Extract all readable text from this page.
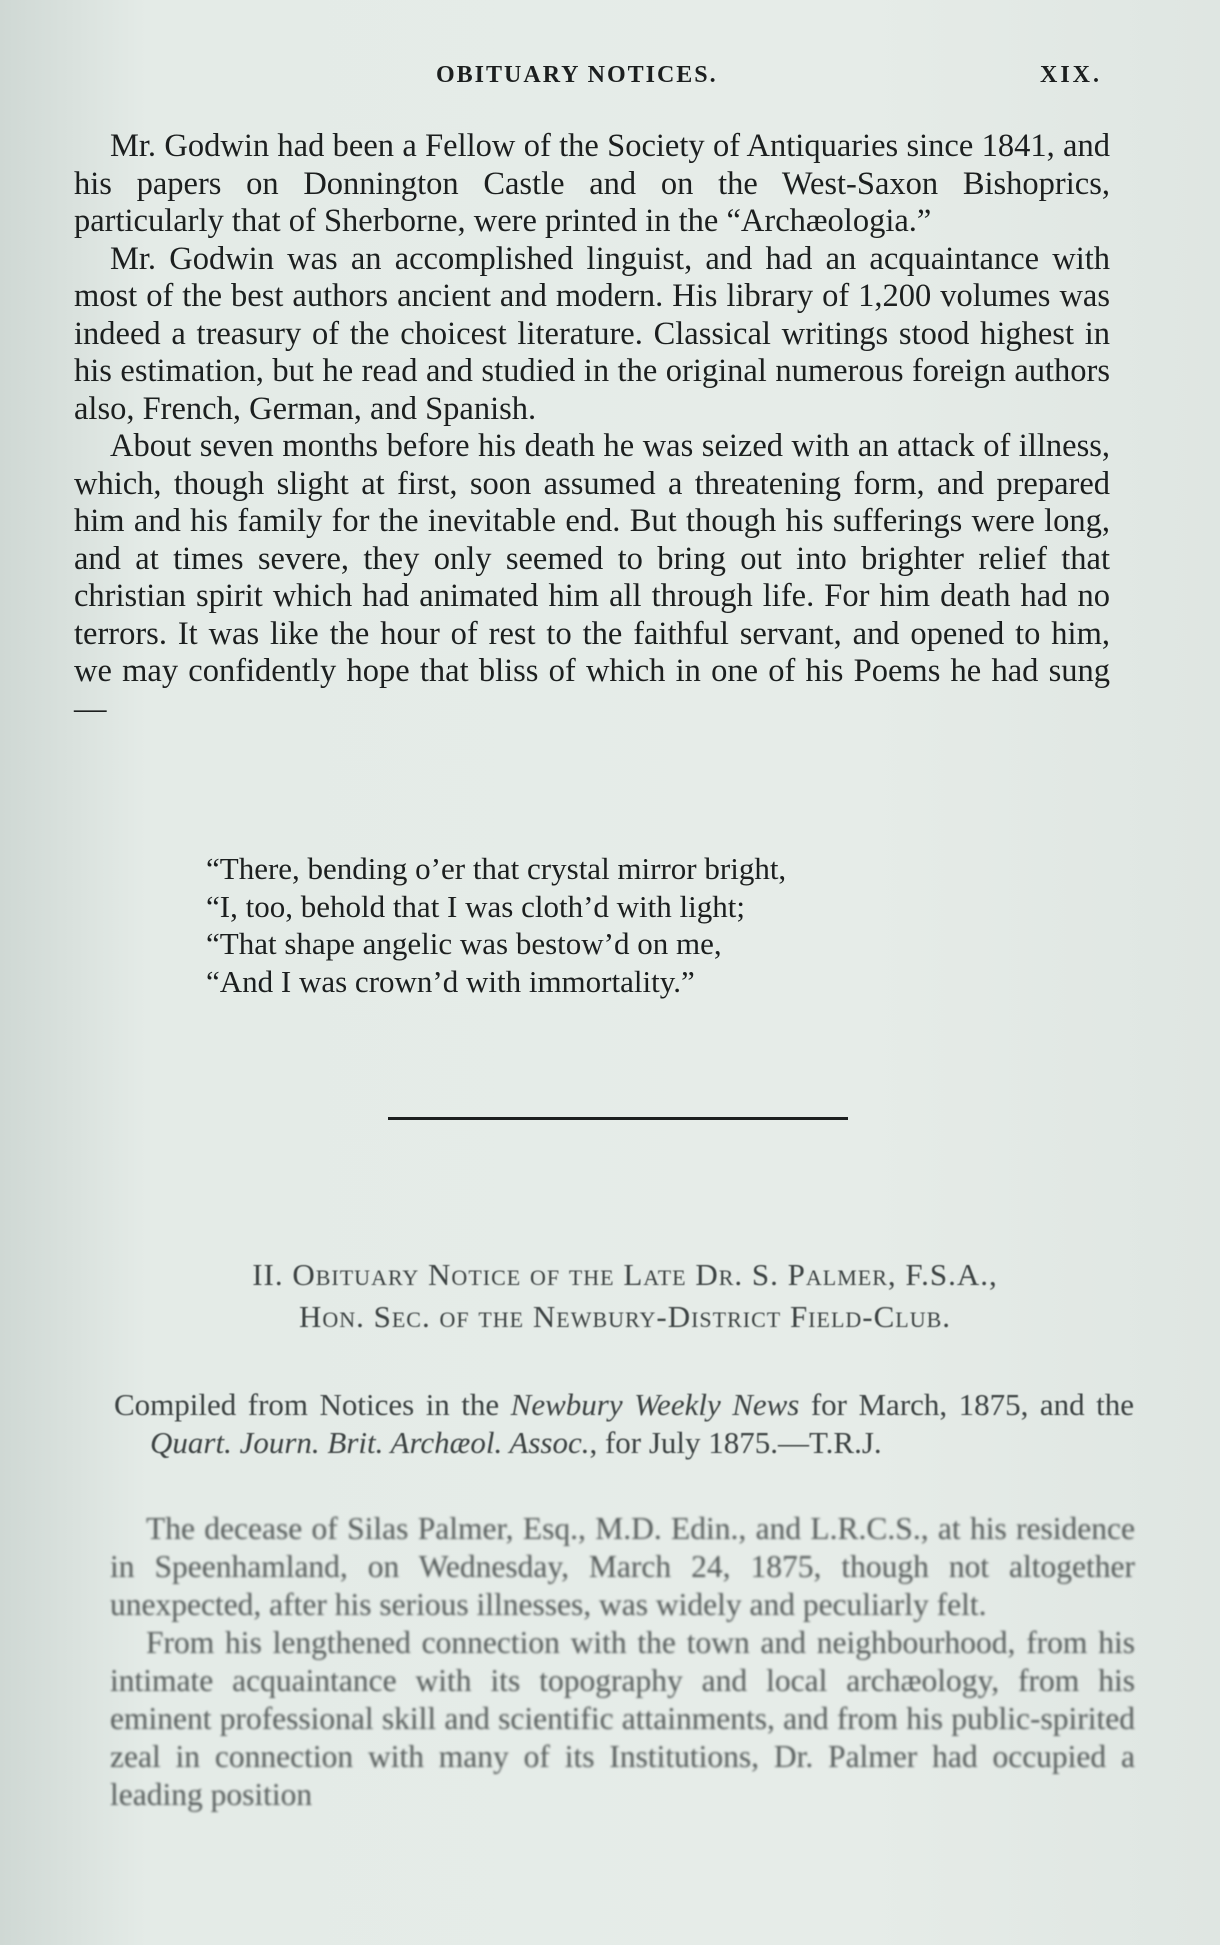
OBITUARY NOTICES.	XIX.

Mr. Godwin had been a Fellow of the Society of Antiquaries since 1841, and his papers on Donnington Castle and on the West-Saxon Bishoprics, particularly that of Sherborne, were printed in the “Archæologia.”

Mr. Godwin was an accomplished linguist, and had an acquaintance with most of the best authors ancient and modern. His library of 1,200 volumes was indeed a treasury of the choicest literature. Classical writings stood highest in his estimation, but he read and studied in the original numerous foreign authors also, French, German, and Spanish.

About seven months before his death he was seized with an attack of illness, which, though slight at first, soon assumed a threatening form, and prepared him and his family for the inevitable end. But though his sufferings were long, and at times severe, they only seemed to bring out into brighter relief that christian spirit which had animated him all through life. For him death had no terrors. It was like the hour of rest to the faithful servant, and opened to him, we may confidently hope that bliss of which in one of his Poems he had sung—

“There, bending o’er that crystal mirror bright,
“I, too, behold that I was cloth’d with light;
“That shape angelic was bestow’d on me,
“And I was crown’d with immortality.”
II. Obituary Notice of the Late Dr. S. Palmer, F.S.A.,
Hon. Sec. of the Newbury-District Field-Club.

Compiled from Notices in the Newbury Weekly News for March, 1875, and the Quart. Journ. Brit. Archæol. Assoc., for July 1875.—T.R.J.

The decease of Silas Palmer, Esq., M.D. Edin., and L.R.C.S., at his residence in Speenhamland, on Wednesday, March 24, 1875, though not altogether unexpected, after his serious illnesses, was widely and peculiarly felt.

From his lengthened connection with the town and neighbourhood, from his intimate acquaintance with its topography and local archæology, from his eminent professional skill and scientific attainments, and from his public-spirited zeal in connection with many of its Institutions, Dr. Palmer had occupied a leading position
